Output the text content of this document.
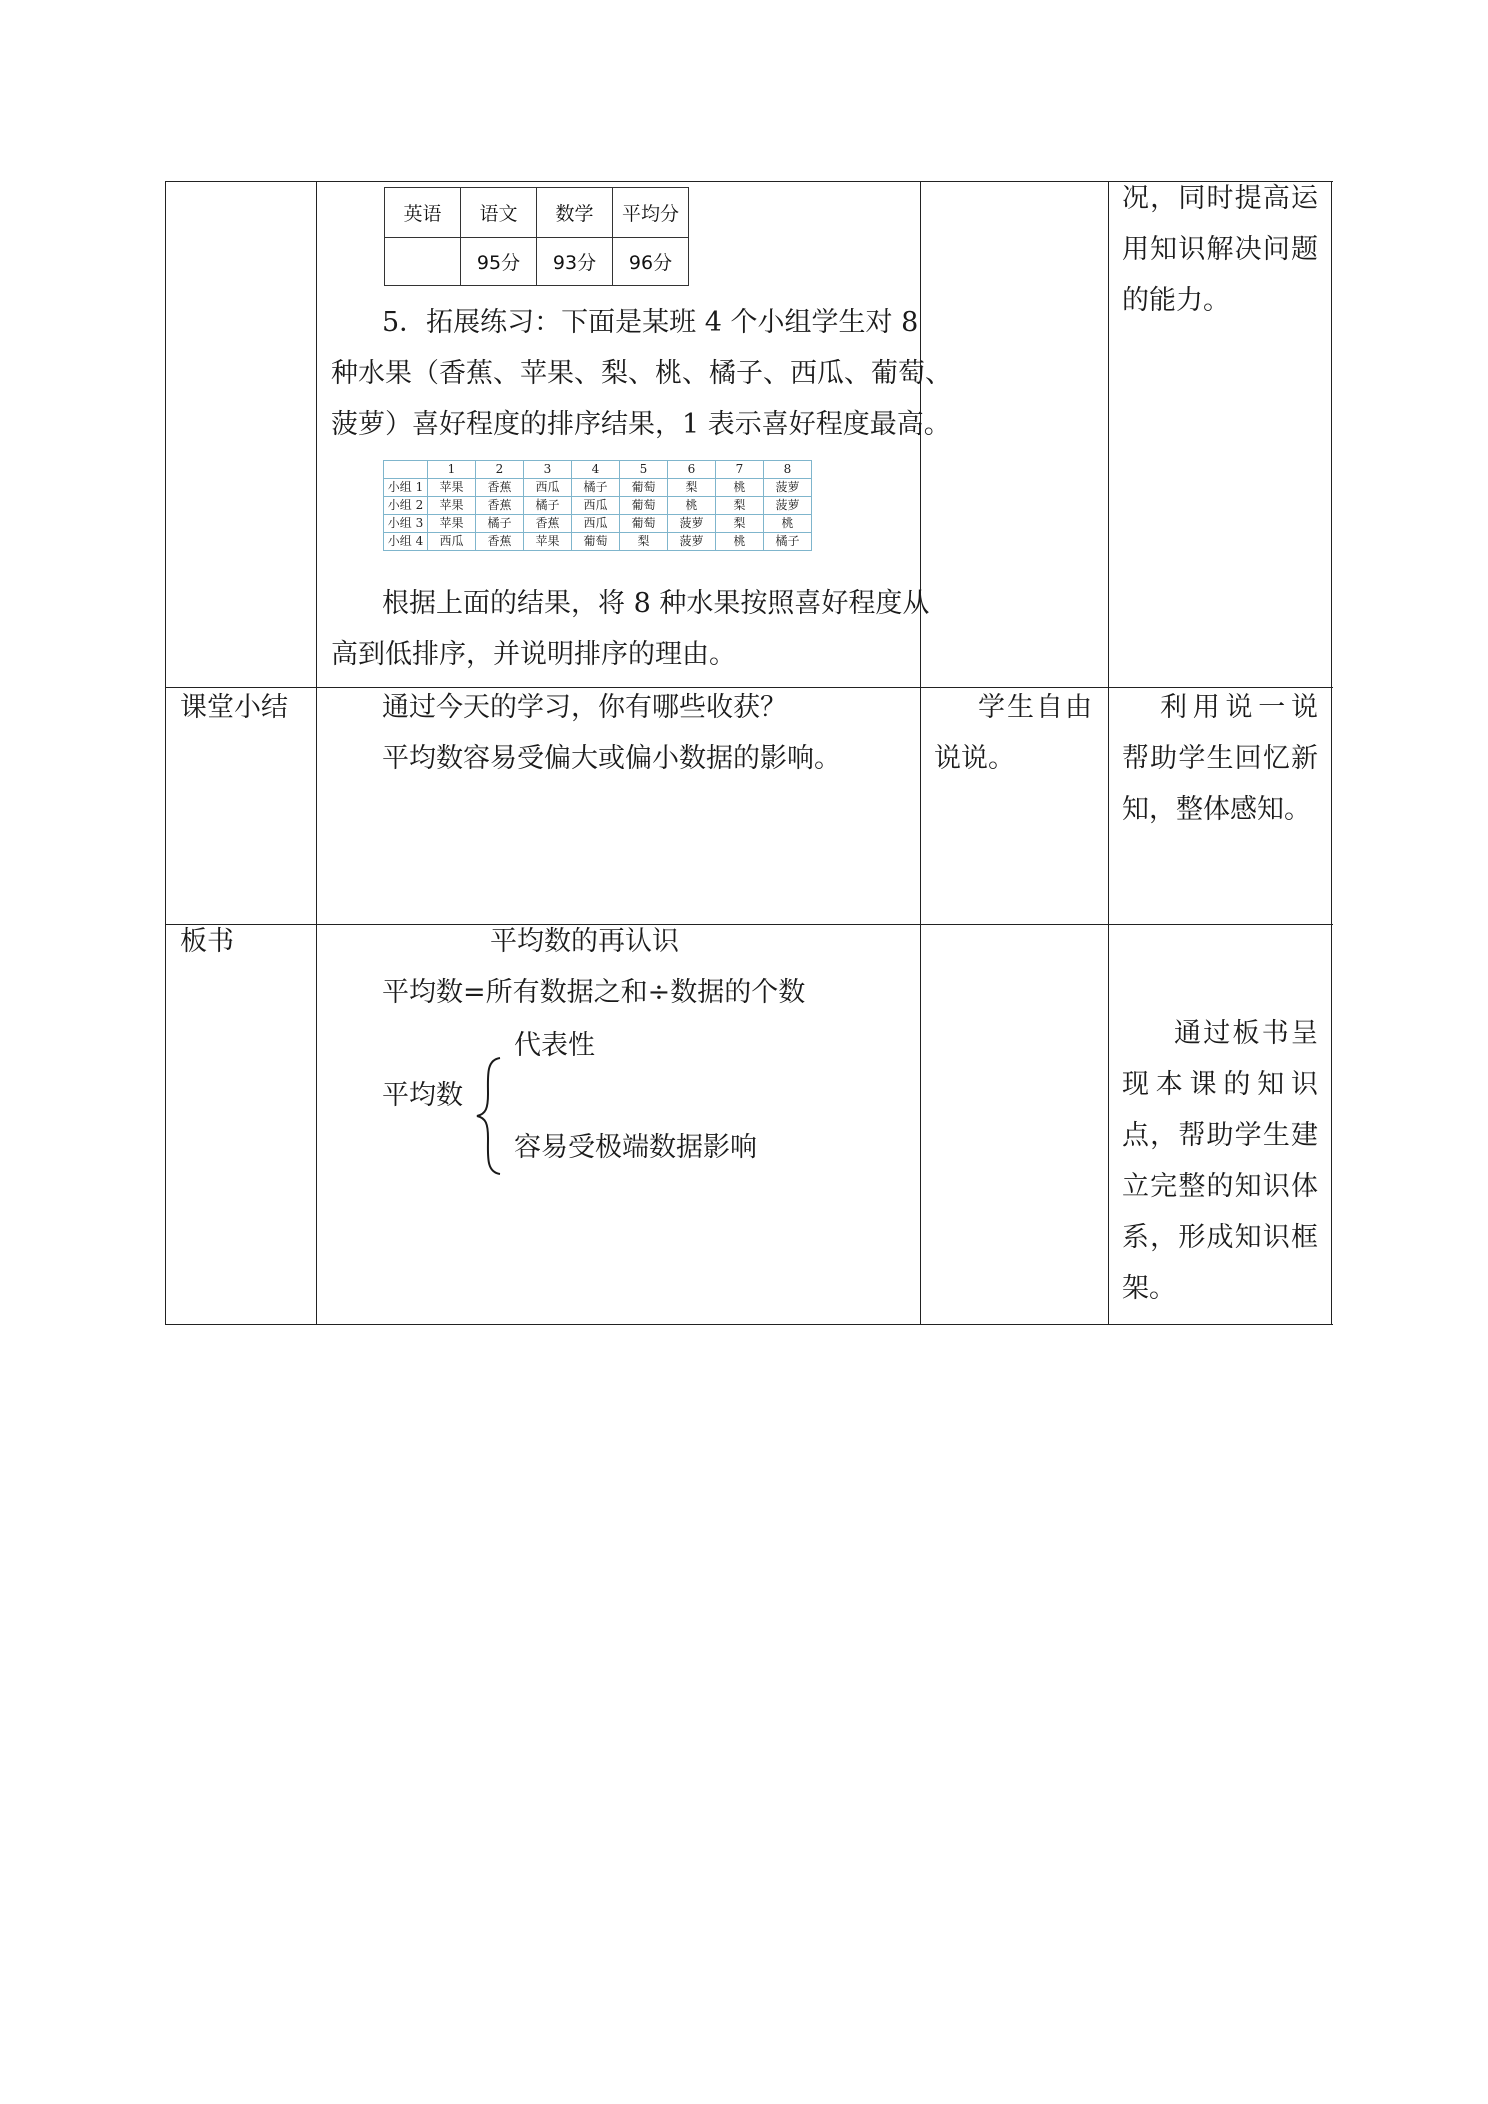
英语	语文	数学	平均分
	95分	93分	96分
5．拓展练习：下面是某班 4 个小组学生对 8
种水果（香蕉、苹果、梨、桃、橘子、西瓜、葡萄、
菠萝）喜好程度的排序结果，1 表示喜好程度最高。
	1	2	3	4	5	6	7	8
小组 1	苹果	香蕉	西瓜	橘子	葡萄	梨	桃	菠萝
小组 2	苹果	香蕉	橘子	西瓜	葡萄	桃	梨	菠萝
小组 3	苹果	橘子	香蕉	西瓜	葡萄	菠萝	梨	桃
小组 4	西瓜	香蕉	苹果	葡萄	梨	菠萝	桃	橘子
根据上面的结果，将 8 种水果按照喜好程度从
高到低排序，并说明排序的理由。
况，同时提高运
用知识解决问题
的能力。
课堂小结	通过今天的学习，你有哪些收获？
平均数容易受偏大或偏小数据的影响。
学生自由
说说。
利用说一说
帮助学生回忆新
知，整体感知。
板书	平均数的再认识
平均数=所有数据之和÷数据的个数
代表性
平均数
容易受极端数据影响
通过板书呈
现本课的知识
点，帮助学生建
立完整的知识体
系，形成知识框
架。
